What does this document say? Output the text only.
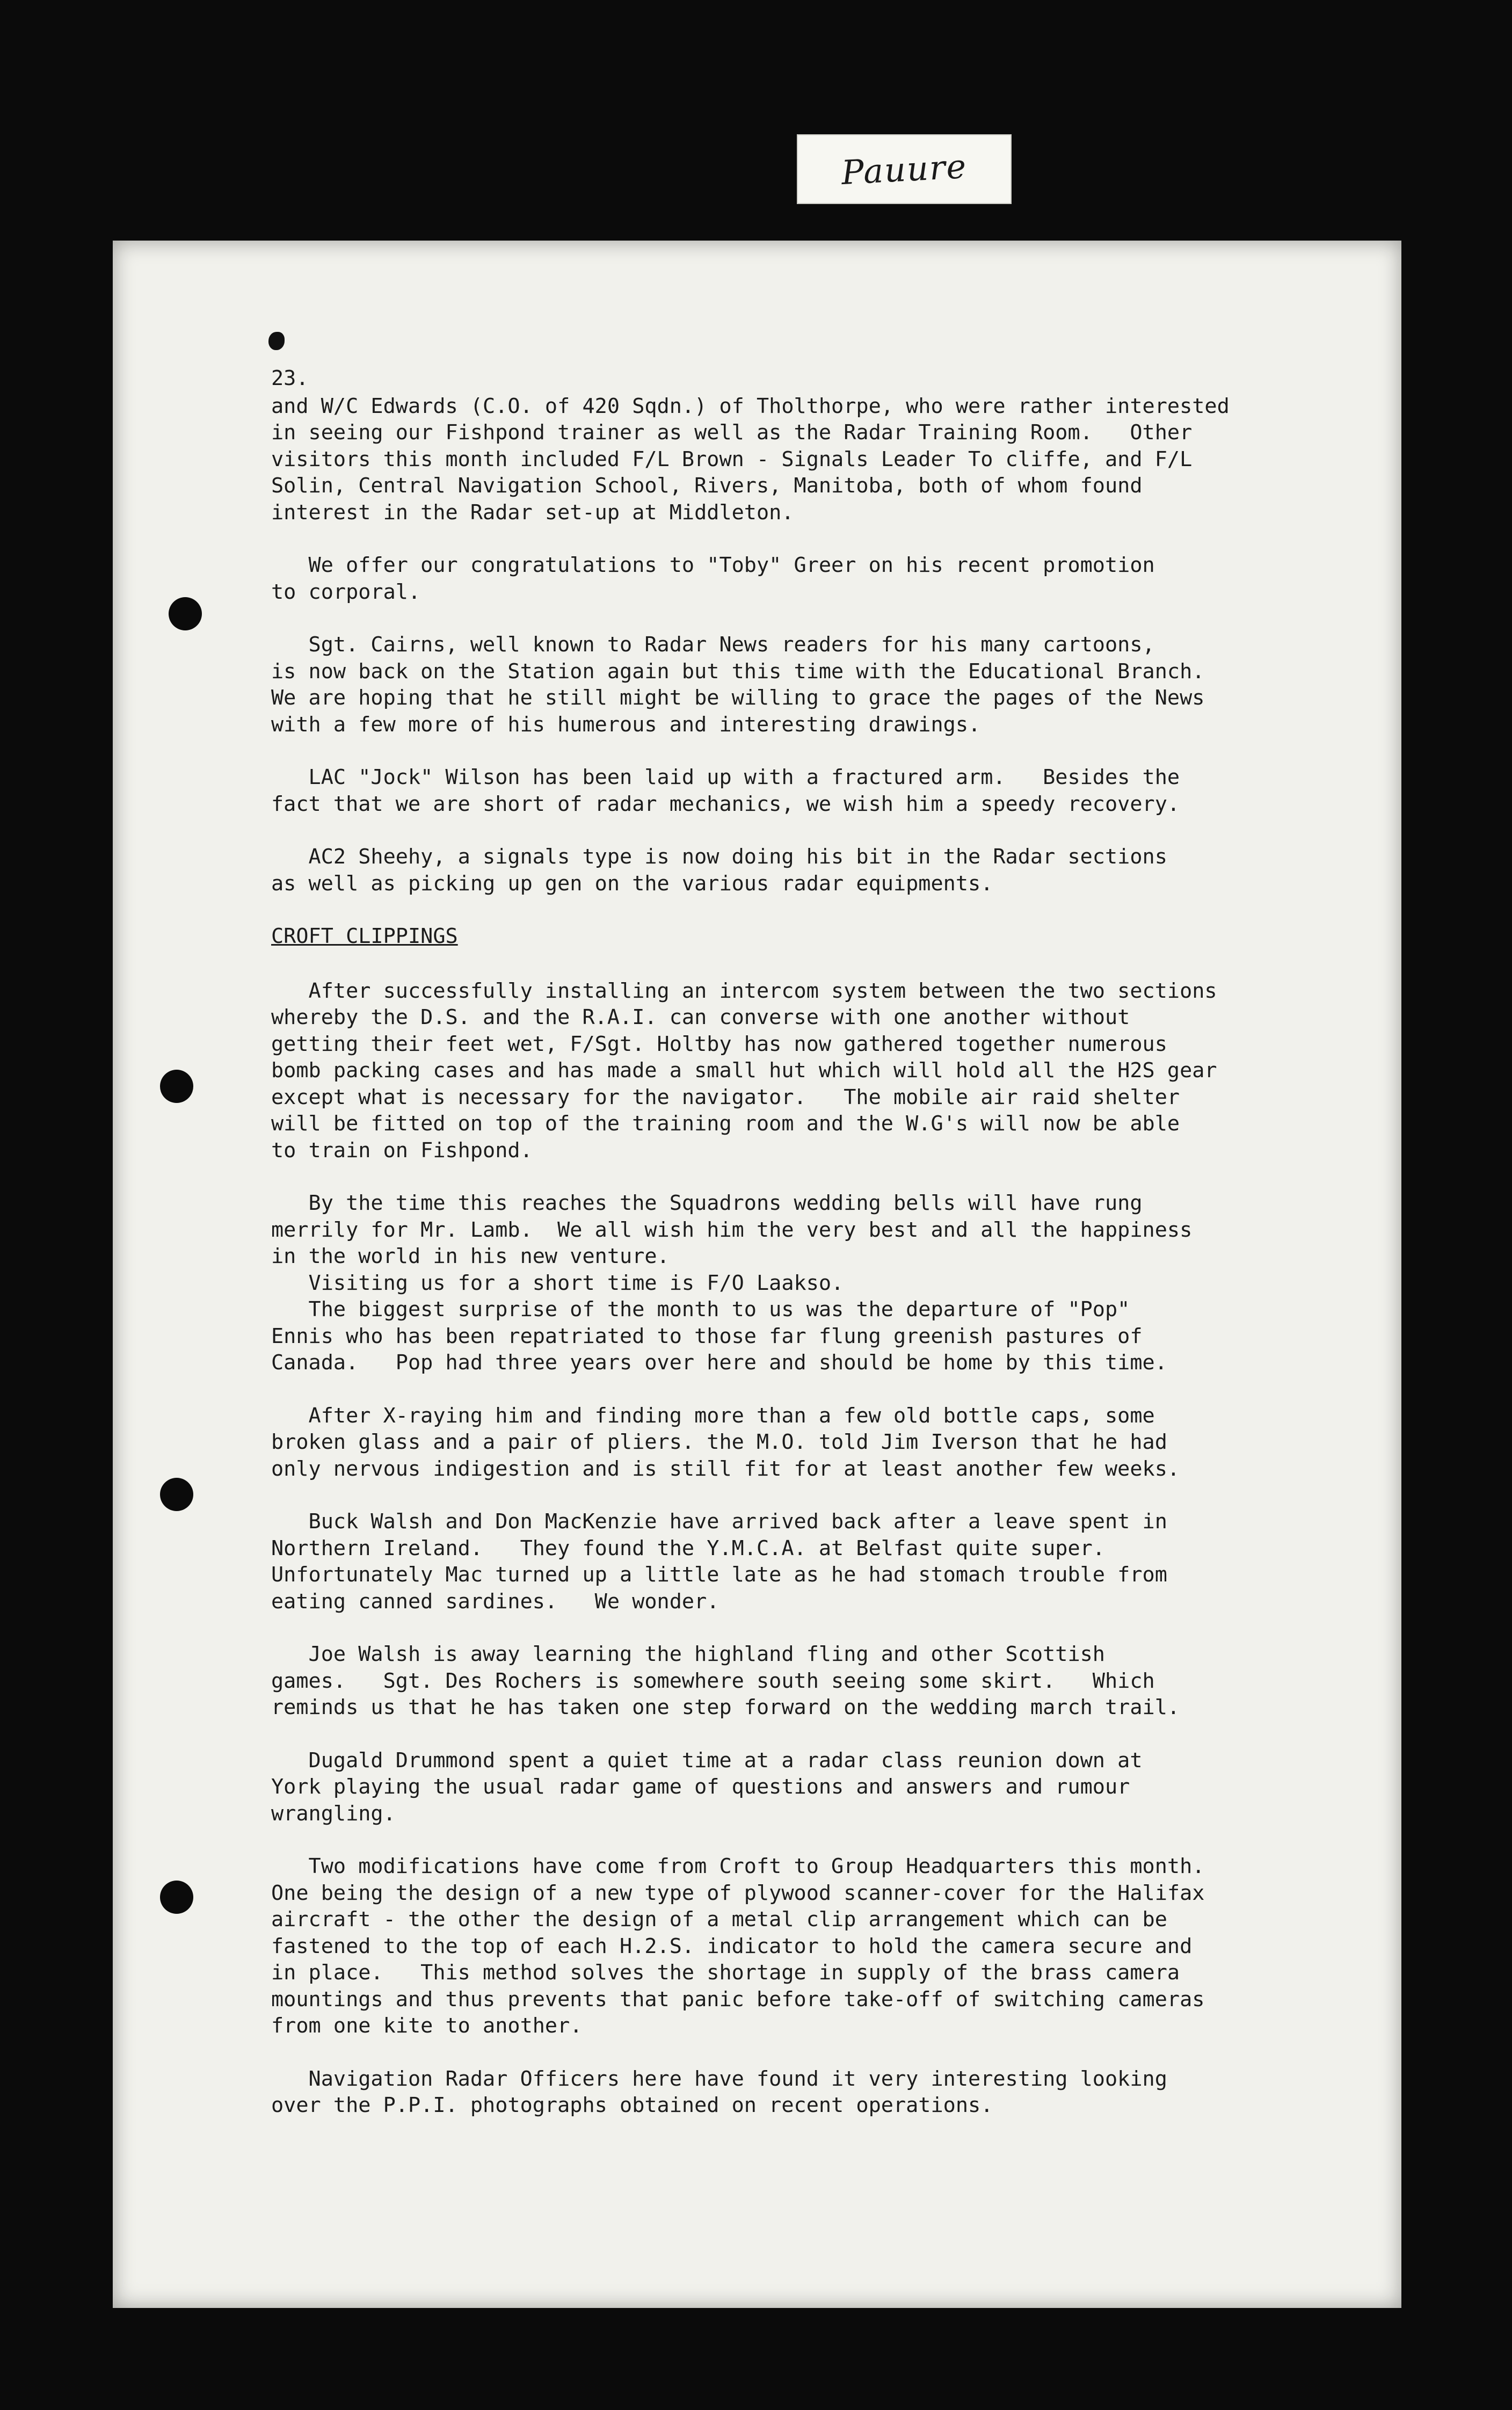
Pauure
23.
and W/C Edwards (C.O. of 420 Sqdn.) of Tholthorpe, who were rather interested
in seeing our Fishpond trainer as well as the Radar Training Room.   Other
visitors this month included F/L Brown - Signals Leader To cliffe, and F/L
Solin, Central Navigation School, Rivers, Manitoba, both of whom found
interest in the Radar set-up at Middleton.
We offer our congratulations to "Toby" Greer on his recent promotion
to corporal.
Sgt. Cairns, well known to Radar News readers for his many cartoons,
is now back on the Station again but this time with the Educational Branch.
We are hoping that he still might be willing to grace the pages of the News
with a few more of his humerous and interesting drawings.
LAC "Jock" Wilson has been laid up with a fractured arm.   Besides the
fact that we are short of radar mechanics, we wish him a speedy recovery.
AC2 Sheehy, a signals type is now doing his bit in the Radar sections
as well as picking up gen on the various radar equipments.
CROFT CLIPPINGS
After successfully installing an intercom system between the two sections
whereby the D.S. and the R.A.I. can converse with one another without
getting their feet wet, F/Sgt. Holtby has now gathered together numerous
bomb packing cases and has made a small hut which will hold all the H2S gear
except what is necessary for the navigator.   The mobile air raid shelter
will be fitted on top of the training room and the W.G's will now be able
to train on Fishpond.
By the time this reaches the Squadrons wedding bells will have rung
merrily for Mr. Lamb.  We all wish him the very best and all the happiness
in the world in his new venture.
Visiting us for a short time is F/O Laakso.
The biggest surprise of the month to us was the departure of "Pop"
Ennis who has been repatriated to those far flung greenish pastures of
Canada.   Pop had three years over here and should be home by this time.
After X-raying him and finding more than a few old bottle caps, some
broken glass and a pair of pliers. the M.O. told Jim Iverson that he had
only nervous indigestion and is still fit for at least another few weeks.
Buck Walsh and Don MacKenzie have arrived back after a leave spent in
Northern Ireland.   They found the Y.M.C.A. at Belfast quite super.
Unfortunately Mac turned up a little late as he had stomach trouble from
eating canned sardines.   We wonder.
Joe Walsh is away learning the highland fling and other Scottish
games.   Sgt. Des Rochers is somewhere south seeing some skirt.   Which
reminds us that he has taken one step forward on the wedding march trail.
Dugald Drummond spent a quiet time at a radar class reunion down at
York playing the usual radar game of questions and answers and rumour
wrangling.
Two modifications have come from Croft to Group Headquarters this month.
One being the design of a new type of plywood scanner-cover for the Halifax
aircraft - the other the design of a metal clip arrangement which can be
fastened to the top of each H.2.S. indicator to hold the camera secure and
in place.   This method solves the shortage in supply of the brass camera
mountings and thus prevents that panic before take-off of switching cameras
from one kite to another.
Navigation Radar Officers here have found it very interesting looking
over the P.P.I. photographs obtained on recent operations.
